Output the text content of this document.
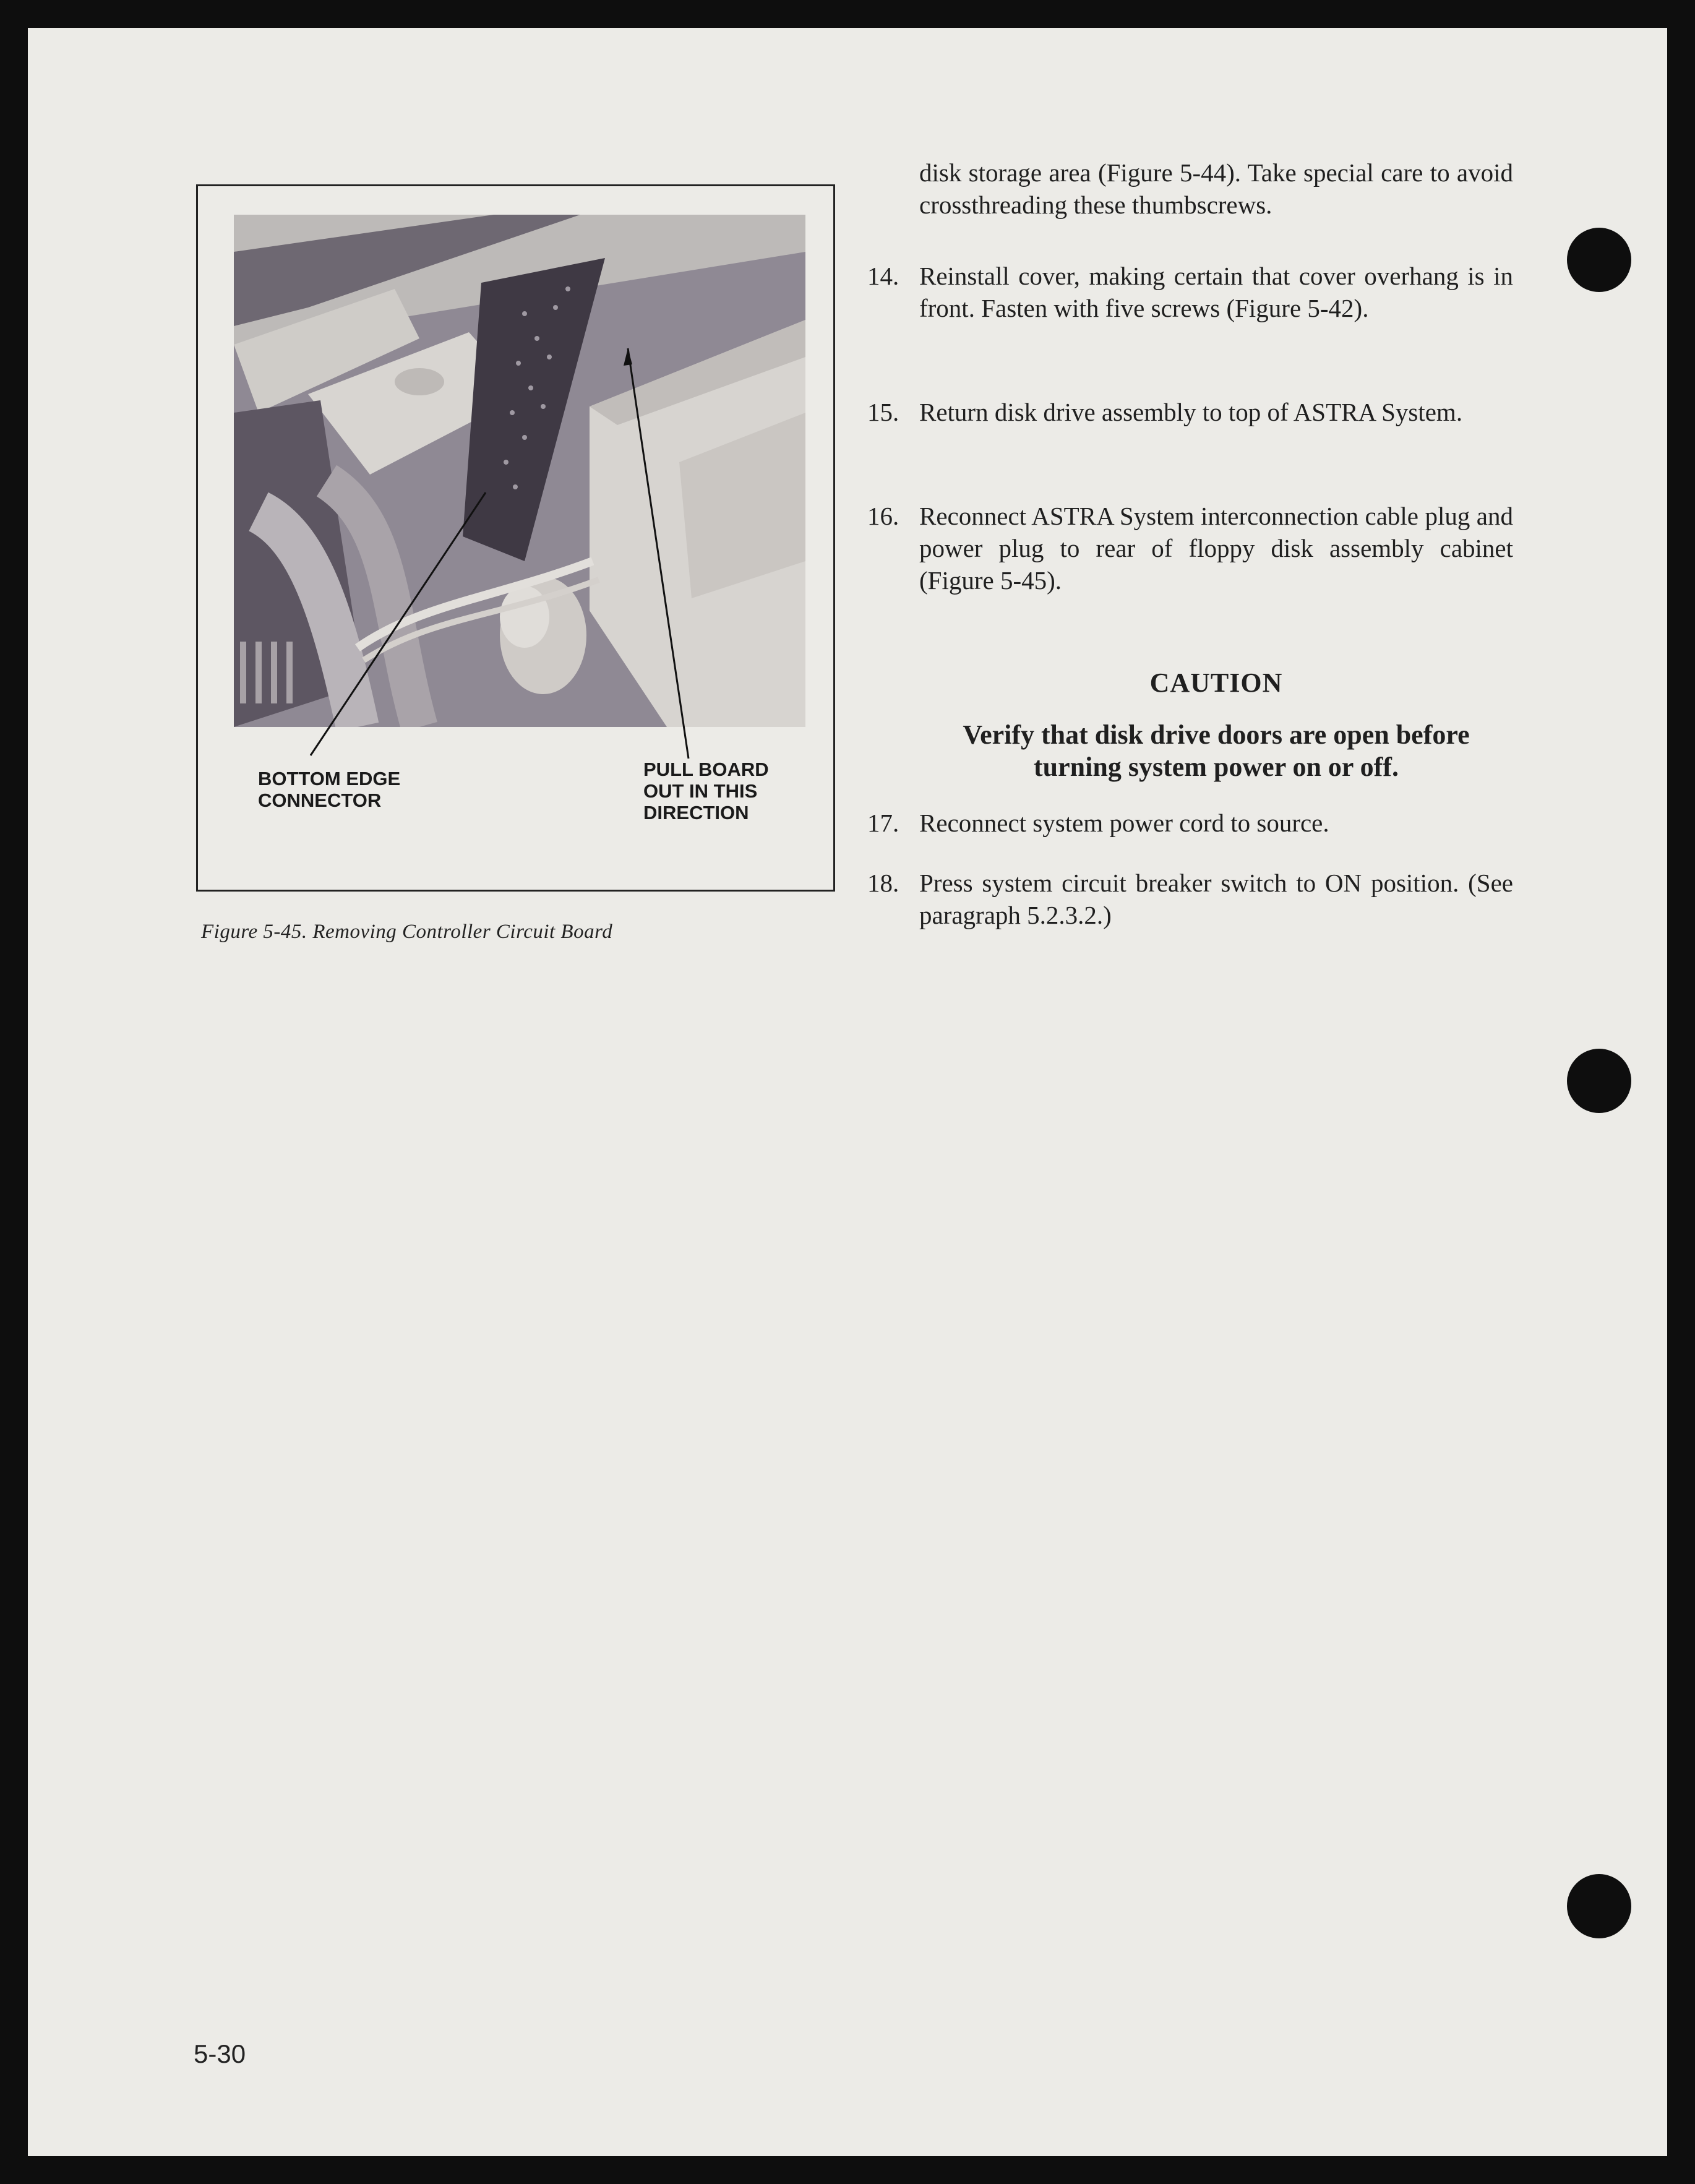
BOTTOM EDGE
CONNECTOR
PULL BOARD
OUT IN THIS
DIRECTION
Figure 5-45. Removing Controller Circuit Board
disk storage area (Figure 5-44). Take special care to avoid crossthreading these thumbscrews.
14. Reinstall cover, making certain that cover overhang is in front. Fasten with five screws (Figure 5-42).
15. Return disk drive assembly to top of ASTRA System.
16. Reconnect ASTRA System interconnection cable plug and power plug to rear of floppy disk assembly cabinet (Figure 5-45).
CAUTION
Verify that disk drive doors are open before turning system power on or off.
17. Reconnect system power cord to source.
18. Press system circuit breaker switch to ON position. (See paragraph 5.2.3.2.)
5-30
